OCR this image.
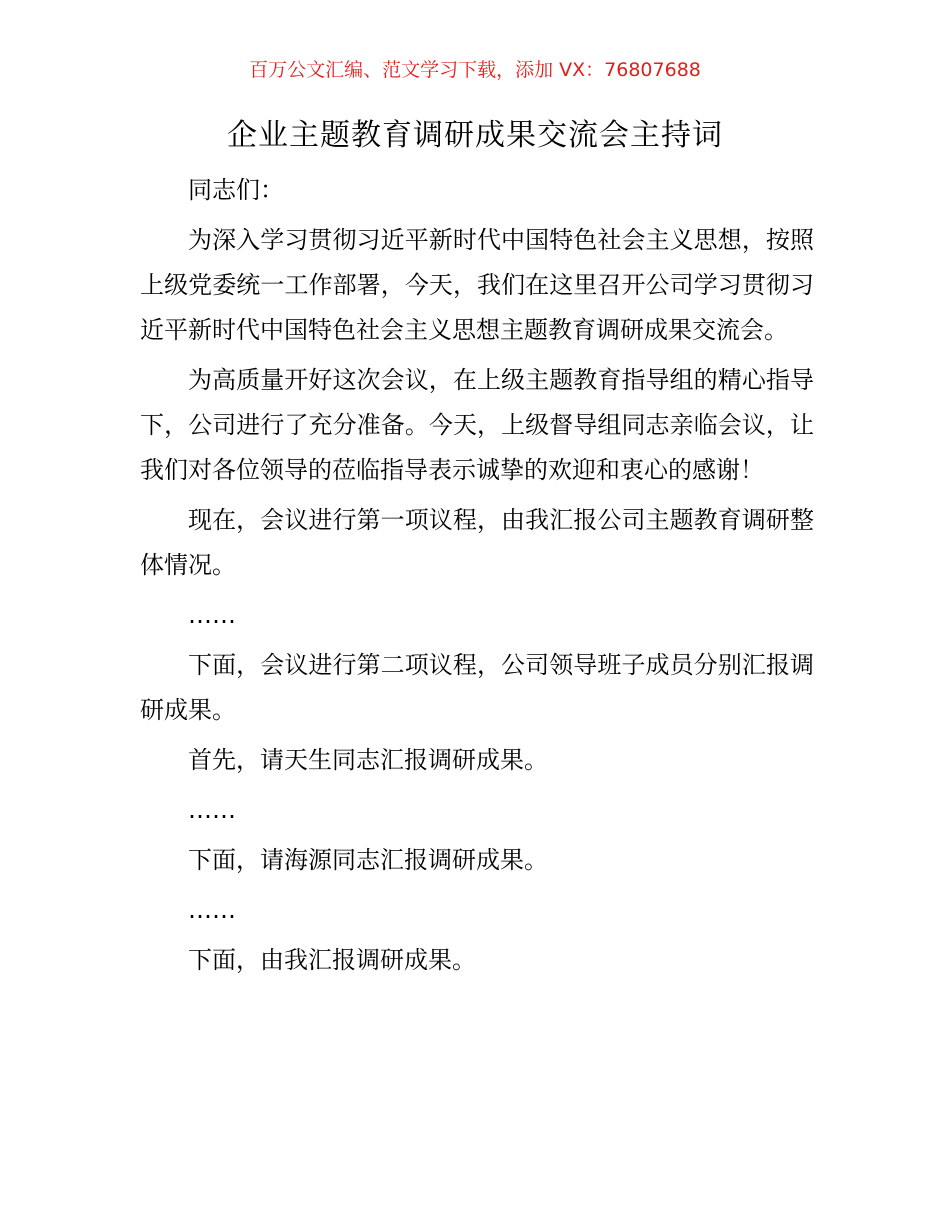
百万公文汇编、范文学习下载，添加 VX：76807688
企业主题教育调研成果交流会主持词

同志们：

为深入学习贯彻习近平新时代中国特色社会主义思想，按照上级党委统一工作部署，今天，我们在这里召开公司学习贯彻习近平新时代中国特色社会主义思想主题教育调研成果交流会。

为高质量开好这次会议，在上级主题教育指导组的精心指导下，公司进行了充分准备。今天，上级督导组同志亲临会议，让我们对各位领导的莅临指导表示诚挚的欢迎和衷心的感谢！

现在，会议进行第一项议程，由我汇报公司主题教育调研整体情况。

……

下面，会议进行第二项议程，公司领导班子成员分别汇报调研成果。

首先，请天生同志汇报调研成果。

……

下面，请海源同志汇报调研成果。

……

下面，由我汇报调研成果。
